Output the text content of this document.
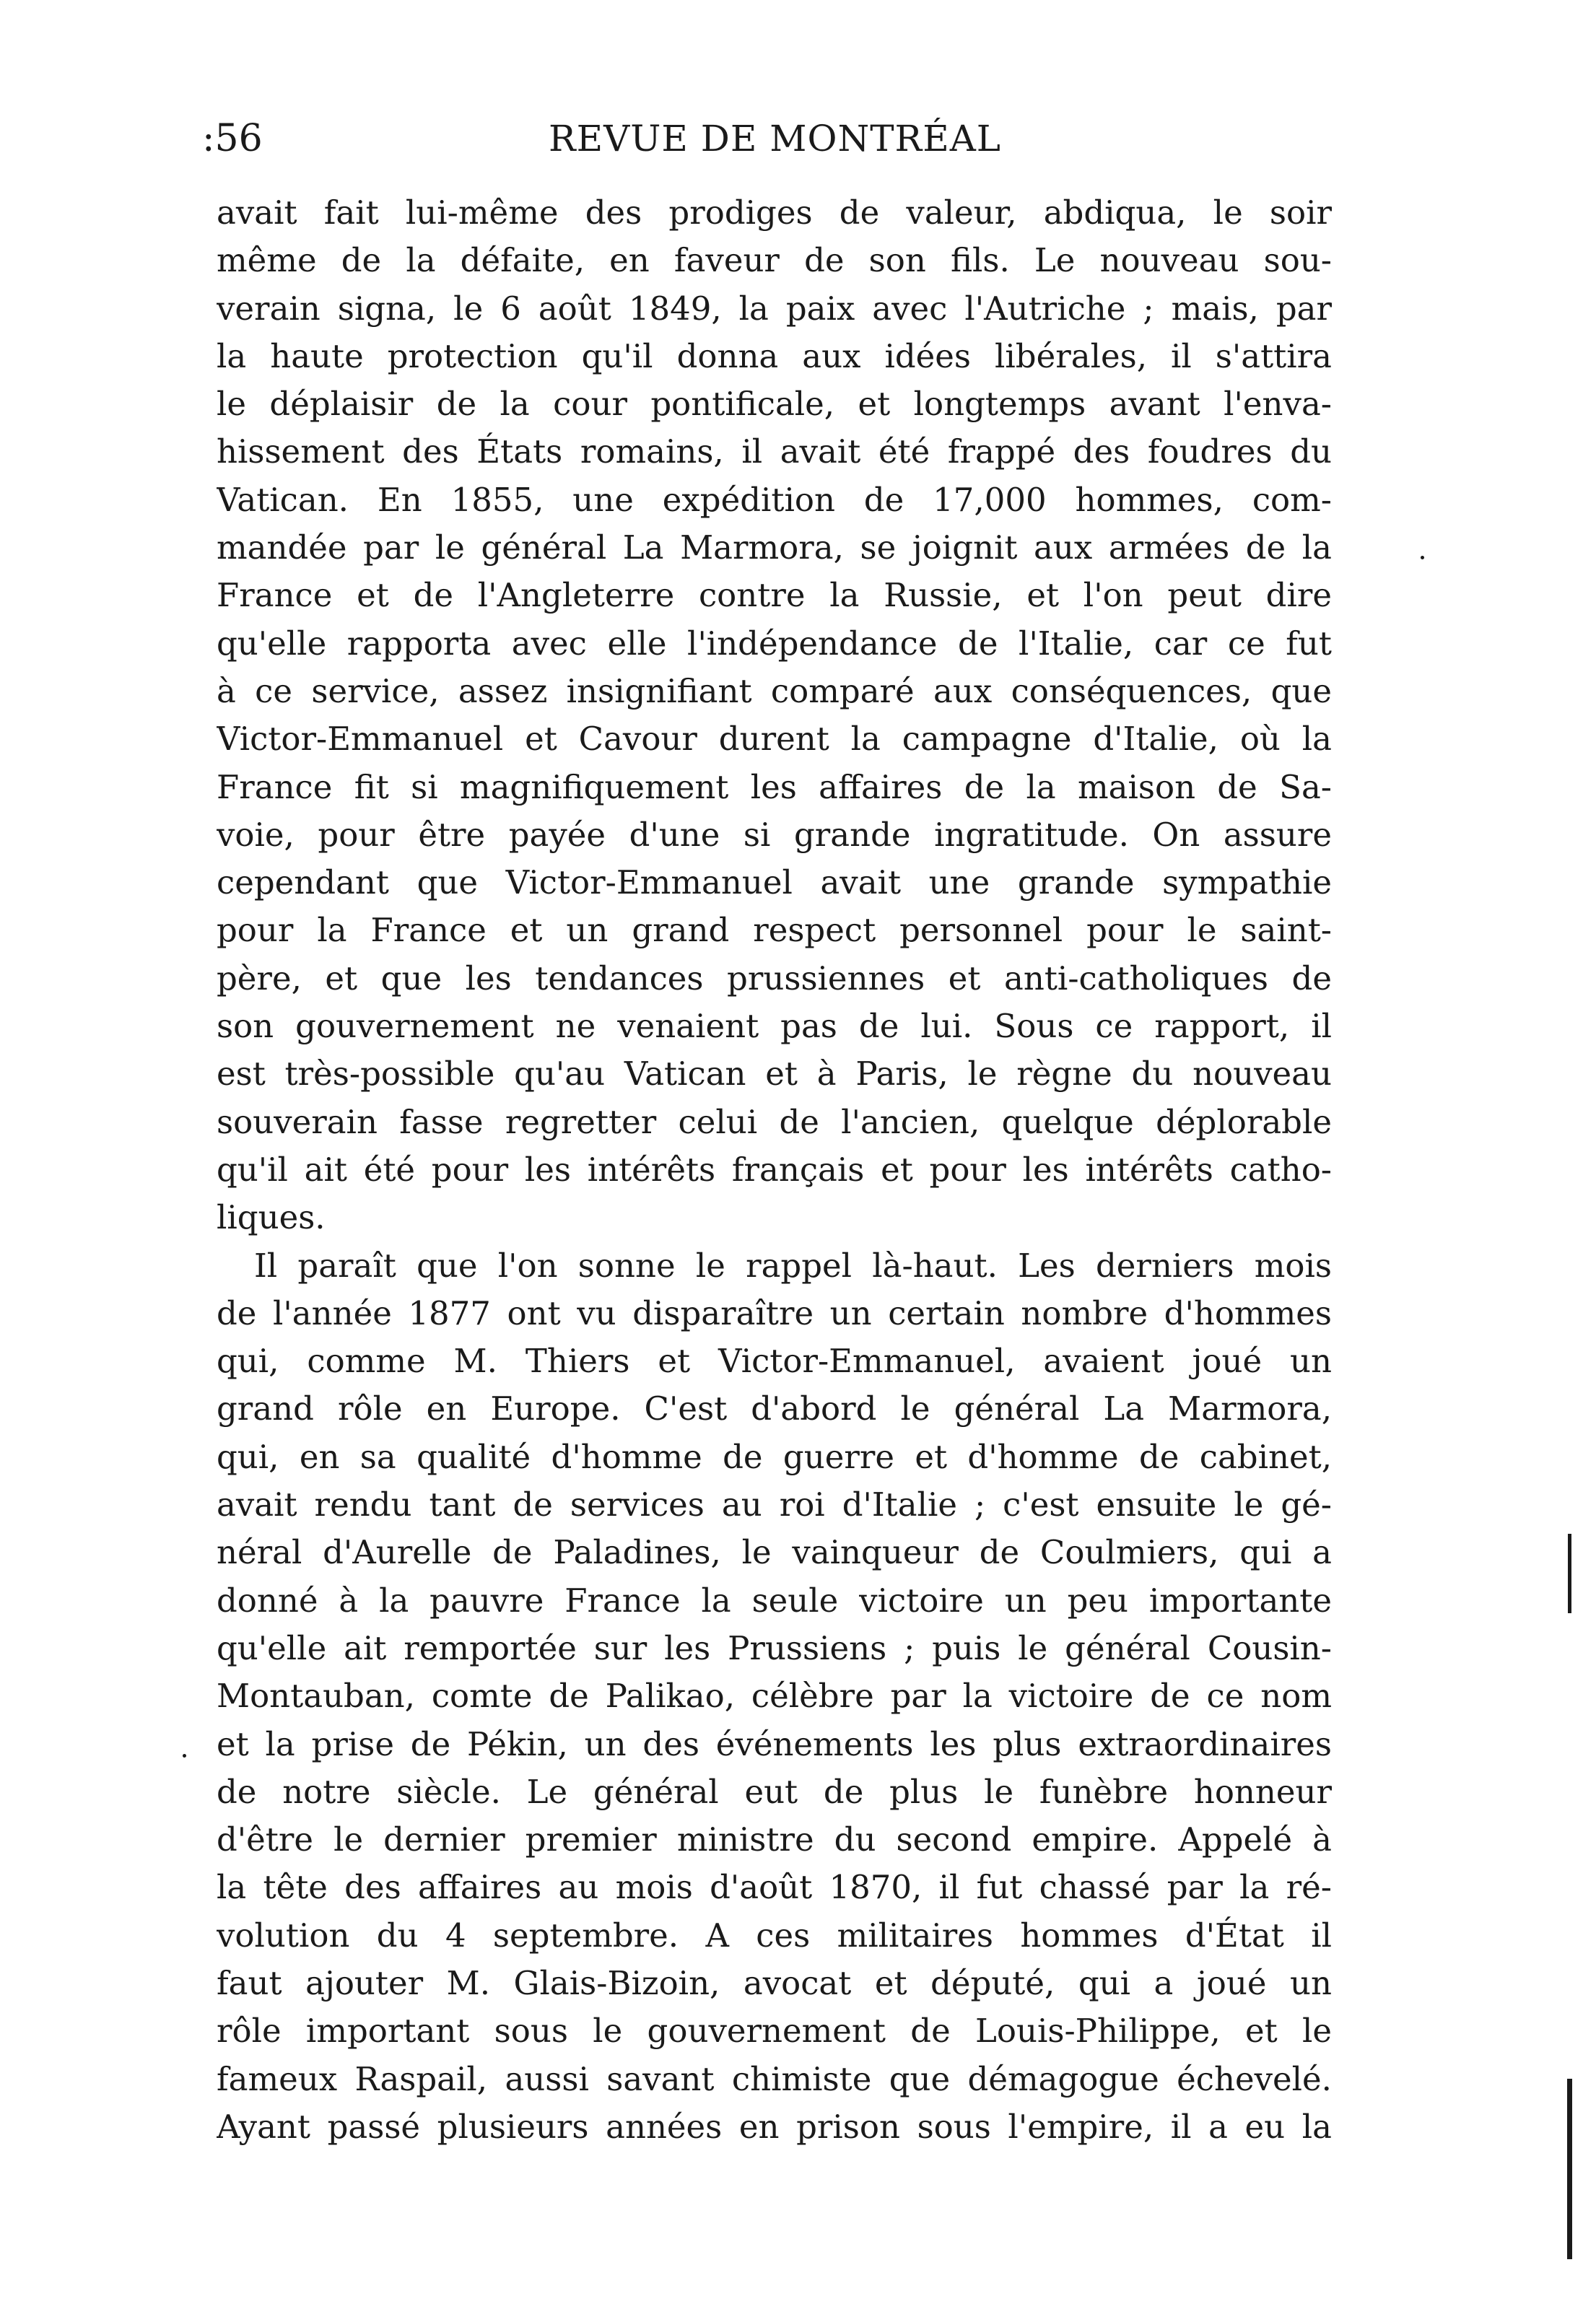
:56	REVUE DE MONTRÉAL
avait fait lui-même des prodiges de valeur, abdiqua, le soir
même de la défaite, en faveur de son fils. Le nouveau sou-
verain signa, le 6 août 1849, la paix avec l'Autriche ; mais, par
la haute protection qu'il donna aux idées libérales, il s'attira
le déplaisir de la cour pontificale, et longtemps avant l'enva-
hissement des États romains, il avait été frappé des foudres du
Vatican. En 1855, une expédition de 17,000 hommes, com-
mandée par le général La Marmora, se joignit aux armées de la
France et de l'Angleterre contre la Russie, et l'on peut dire
qu'elle rapporta avec elle l'indépendance de l'Italie, car ce fut
à ce service, assez insignifiant comparé aux conséquences, que
Victor-Emmanuel et Cavour durent la campagne d'Italie, où la
France fit si magnifiquement les affaires de la maison de Sa-
voie, pour être payée d'une si grande ingratitude. On assure
cependant que Victor-Emmanuel avait une grande sympathie
pour la France et un grand respect personnel pour le saint-
père, et que les tendances prussiennes et anti-catholiques de
son gouvernement ne venaient pas de lui. Sous ce rapport, il
est très-possible qu'au Vatican et à Paris, le règne du nouveau
souverain fasse regretter celui de l'ancien, quelque déplorable
qu'il ait été pour les intérêts français et pour les intérêts catho-
liques.
Il paraît que l'on sonne le rappel là-haut. Les derniers mois
de l'année 1877 ont vu disparaître un certain nombre d'hommes
qui, comme M. Thiers et Victor-Emmanuel, avaient joué un
grand rôle en Europe. C'est d'abord le général La Marmora,
qui, en sa qualité d'homme de guerre et d'homme de cabinet,
avait rendu tant de services au roi d'Italie ; c'est ensuite le gé-
néral d'Aurelle de Paladines, le vainqueur de Coulmiers, qui a
donné à la pauvre France la seule victoire un peu importante
qu'elle ait remportée sur les Prussiens ; puis le général Cousin-
Montauban, comte de Palikao, célèbre par la victoire de ce nom
et la prise de Pékin, un des événements les plus extraordinaires
de notre siècle. Le général eut de plus le funèbre honneur
d'être le dernier premier ministre du second empire. Appelé à
la tête des affaires au mois d'août 1870, il fut chassé par la ré-
volution du 4 septembre. A ces militaires hommes d'État il
faut ajouter M. Glais-Bizoin, avocat et député, qui a joué un
rôle important sous le gouvernement de Louis-Philippe, et le
fameux Raspail, aussi savant chimiste que démagogue échevelé.
Ayant passé plusieurs années en prison sous l'empire, il a eu la
